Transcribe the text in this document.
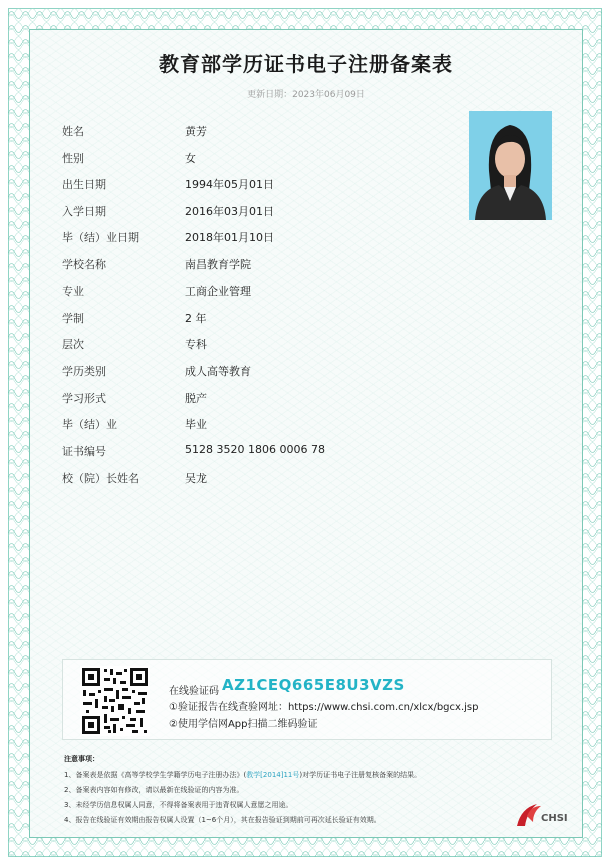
教育部学历证书电子注册备案表
更新日期：2023年06月09日
姓名	黄芳
性别	女
出生日期	1994年05月01日
入学日期	2016年03月01日
毕（结）业日期	2018年01月10日
学校名称	南昌教育学院
专业	工商企业管理
学制	2 年
层次	专科
学历类别	成人高等教育
学习形式	脱产
毕（结）业	毕业
证书编号	5128 3520 1806 0006 78
校（院）长姓名	吴龙
在线验证码 AZ1CEQ665E8U3VZS
①验证报告在线查验网址：https://www.chsi.com.cn/xlcx/bgcx.jsp
②使用学信网App扫描二维码验证
注意事项：
1、备案表是依据《高等学校学生学籍学历电子注册办法》(教学[2014]11号)对学历证书电子注册复核备案的结果。
2、备案表内容如有修改，请以最新在线验证的内容为准。
3、未经学历信息权属人同意，不得将备案表用于违背权属人意愿之用途。
4、报告在线验证有效期由报告权属人设置（1~6个月），其在报告验证到期前可再次延长验证有效期。	CHSI
